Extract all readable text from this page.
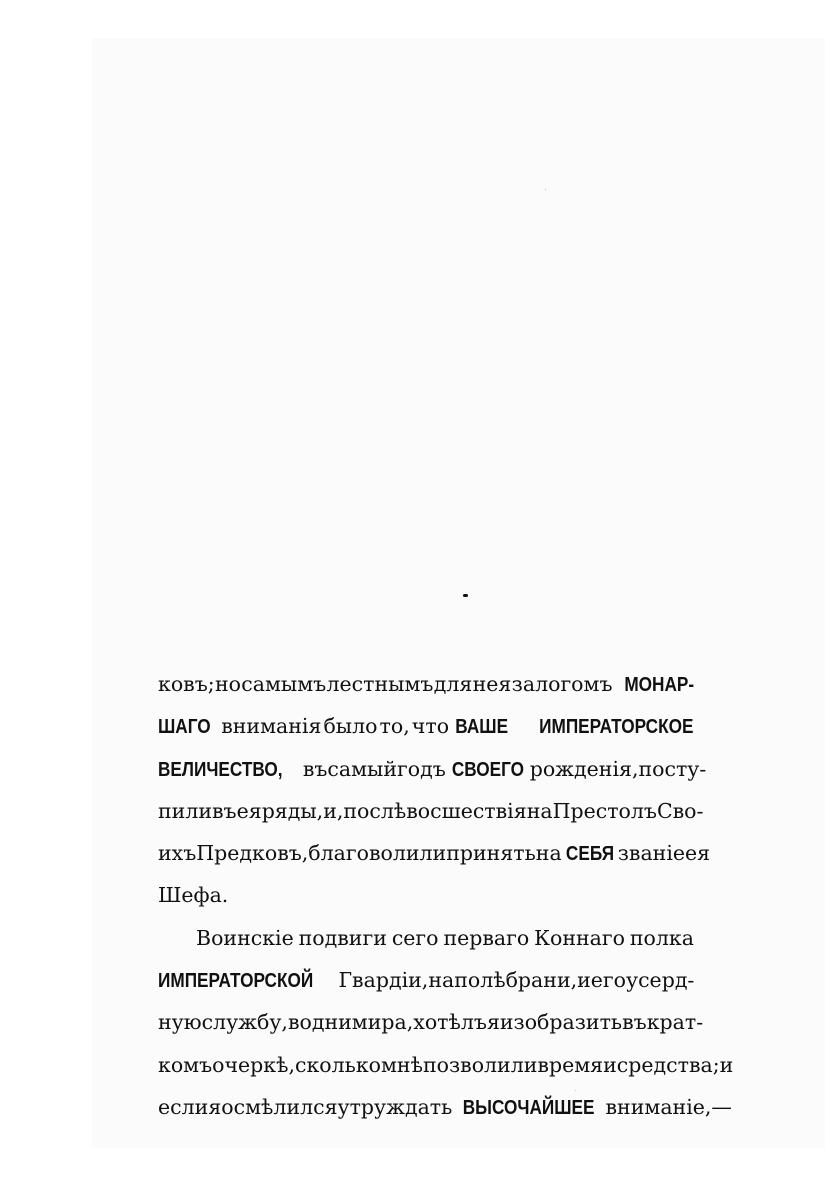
ковъ; но самымъ лестнымъ для нея залогомъ МОНАР-
ШАГО вниманія было то, что ВАШЕ ИМПЕРАТОРСКОЕ
ВЕЛИЧЕСТВО, въ самый годъ СВОЕГО рожденія, посту-
пили въ ея ряды, и, послѣ восшествія на Престолъ Сво-
ихъ Предковъ, благоволили принять на СЕБЯ званіе ея
Шефа.
Воинскіе подвиги сего перваго Коннаго полка
ИМПЕРАТОРСКОЙ Гвардіи, на полѣ брани, и его усерд-
ную службу, во дни мира, хотѣлъ я изобразить въ крат-
комъ очеркѣ, сколько мнѣ позволили время и средства; и
если я осмѣлился утруждать ВЫСОЧАЙШЕЕ вниманіе, —
